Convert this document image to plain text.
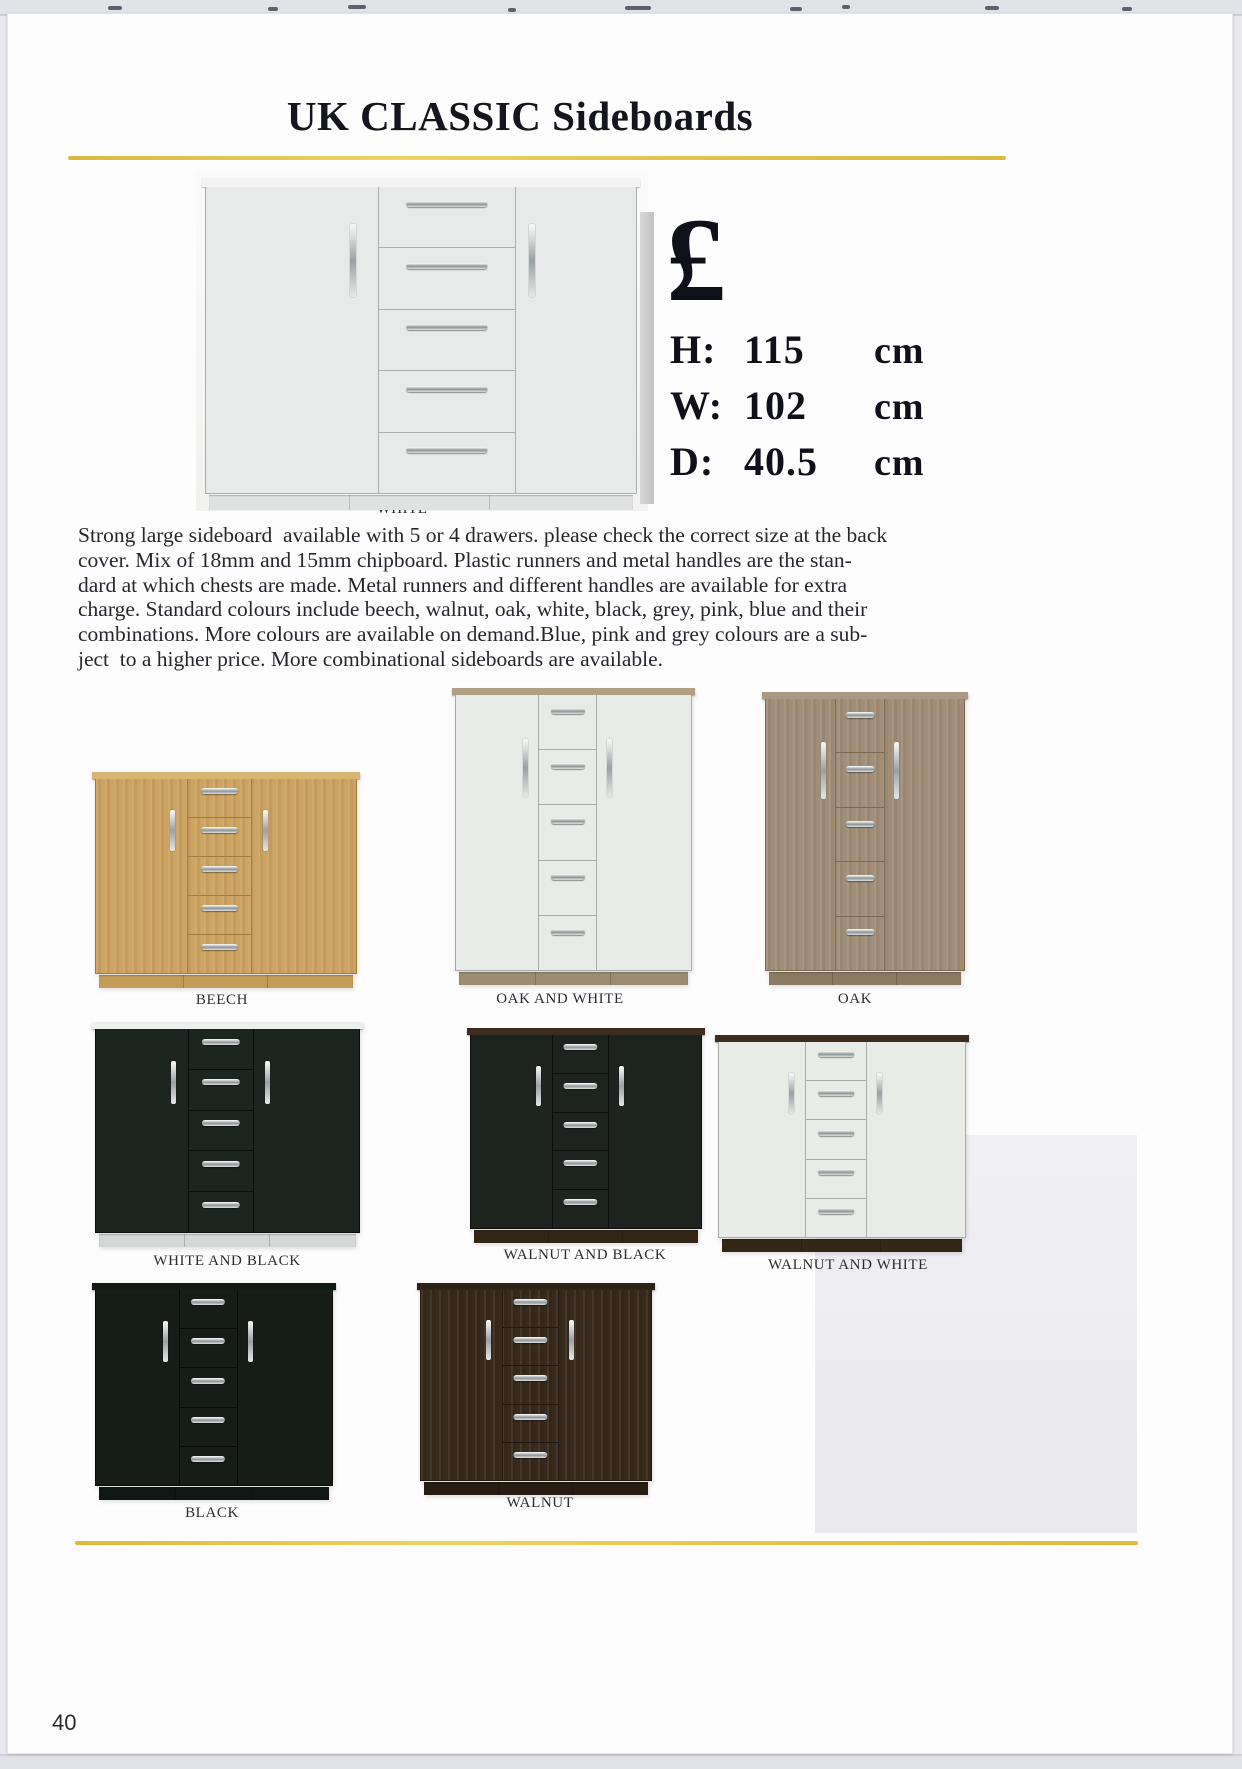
UK CLASSIC Sideboards
£
H: 115	cm
W: 102	cm
D: 40.5	cm
Strong large sideboard  available with 5 or 4 drawers. please check the correct size at the back
cover. Mix of 18mm and 15mm chipboard. Plastic runners and metal handles are the stan-
dard at which chests are made. Metal runners and different handles are available for extra
charge. Standard colours include beech, walnut, oak, white, black, grey, pink, blue and their
combinations. More colours are available on demand.Blue, pink and grey colours are a sub-
ject  to a higher price. More combinational sideboards are available.
40
BEECH	OAK AND WHITE	OAK
WHITE AND BLACK	WALNUT AND BLACK
WALNUT AND WHITE
BLACK
WALNUT
